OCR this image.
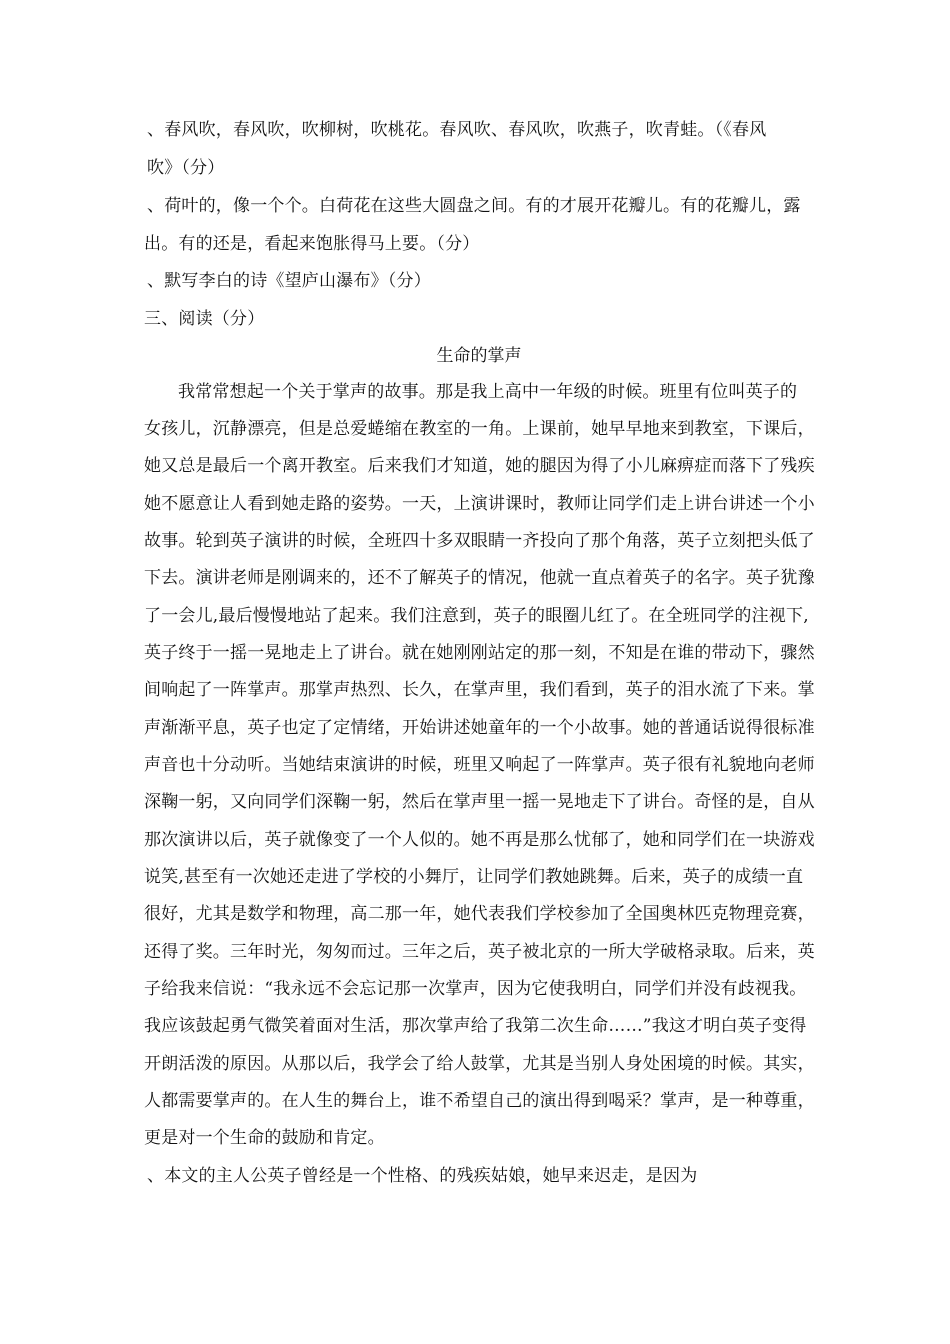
、春风吹，春风吹，吹柳树，吹桃花。春风吹、春风吹，吹燕子，吹青蛙。（《春风
吹》（分）
、荷叶的，像一个个。白荷花在这些大圆盘之间。有的才展开花瓣儿。有的花瓣儿，露
出。有的还是，看起来饱胀得马上要。（分）
、默写李白的诗《望庐山瀑布》（分）
三、阅读（分）
生命的掌声
我常常想起一个关于掌声的故事。那是我上高中一年级的时候。班里有位叫英子的
女孩儿，沉静漂亮，但是总爱蜷缩在教室的一角。上课前，她早早地来到教室，下课后，
她又总是最后一个离开教室。后来我们才知道，她的腿因为得了小儿麻痹症而落下了残疾
她不愿意让人看到她走路的姿势。一天，上演讲课时，教师让同学们走上讲台讲述一个小
故事。轮到英子演讲的时候，全班四十多双眼睛一齐投向了那个角落，英子立刻把头低了
下去。演讲老师是刚调来的，还不了解英子的情况，他就一直点着英子的名字。英子犹豫
了一会儿,最后慢慢地站了起来。我们注意到，英子的眼圈儿红了。在全班同学的注视下,
英子终于一摇一晃地走上了讲台。就在她刚刚站定的那一刻，不知是在谁的带动下，骤然
间响起了一阵掌声。那掌声热烈、长久，在掌声里，我们看到，英子的泪水流了下来。掌
声渐渐平息，英子也定了定情绪，开始讲述她童年的一个小故事。她的普通话说得很标准
声音也十分动听。当她结束演讲的时候，班里又响起了一阵掌声。英子很有礼貌地向老师
深鞠一躬，又向同学们深鞠一躬，然后在掌声里一摇一晃地走下了讲台。奇怪的是，自从
那次演讲以后，英子就像变了一个人似的。她不再是那么忧郁了，她和同学们在一块游戏
说笑,甚至有一次她还走进了学校的小舞厅，让同学们教她跳舞。后来，英子的成绩一直
很好，尤其是数学和物理，高二那一年，她代表我们学校参加了全国奥林匹克物理竞赛，
还得了奖。三年时光，匆匆而过。三年之后，英子被北京的一所大学破格录取。后来，英
子给我来信说：“我永远不会忘记那一次掌声，因为它使我明白，同学们并没有歧视我。
我应该鼓起勇气微笑着面对生活，那次掌声给了我第二次生命……”我这才明白英子变得
开朗活泼的原因。从那以后，我学会了给人鼓掌，尤其是当别人身处困境的时候。其实，
人都需要掌声的。在人生的舞台上，谁不希望自己的演出得到喝采？掌声，是一种尊重，
更是对一个生命的鼓励和肯定。
、本文的主人公英子曾经是一个性格、的残疾姑娘，她早来迟走，是因为
